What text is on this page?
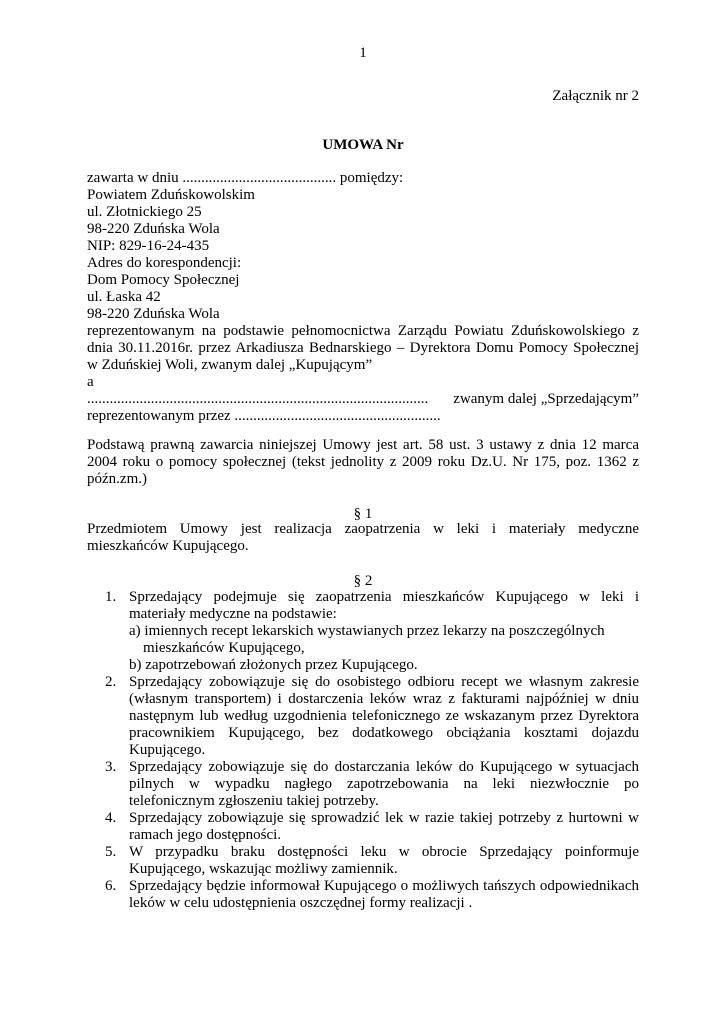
1
Załącznik nr 2
UMOWA Nr
zawarta w dniu ......................................... pomiędzy:
Powiatem Zduńskowolskim
ul. Złotnickiego 25
98-220 Zduńska Wola
NIP: 829-16-24-435
Adres do korespondencji:
Dom Pomocy Społecznej
ul. Łaska 42
98-220 Zduńska Wola
reprezentowanym na podstawie pełnomocnictwa Zarządu Powiatu Zduńskowolskiego z dnia 30.11.2016r. przez Arkadiusza Bednarskiego – Dyrektora Domu Pomocy Społecznej w Zduńskiej Woli, zwanym dalej „Kupującym”
a
........................................................................................... zwanym dalej „Sprzedającym”
reprezentowanym przez .......................................................
Podstawą prawną zawarcia niniejszej Umowy jest art. 58 ust. 3 ustawy z dnia 12 marca 2004 roku o pomocy społecznej (tekst jednolity z 2009 roku Dz.U. Nr 175, poz. 1362 z późn.zm.)
§ 1
Przedmiotem Umowy jest realizacja zaopatrzenia w leki i materiały medyczne mieszkańców Kupującego.
§ 2
1. Sprzedający podejmuje się zaopatrzenia mieszkańców Kupującego w leki i materiały medyczne na podstawie:
a) imiennych recept lekarskich wystawianych przez lekarzy na poszczególnych
mieszkańców Kupującego,
b) zapotrzebowań złożonych przez Kupującego.
2. Sprzedający zobowiązuje się do osobistego odbioru recept we własnym zakresie (własnym transportem) i dostarczenia leków wraz z fakturami najpóźniej w dniu następnym lub według uzgodnienia telefonicznego ze wskazanym przez Dyrektora pracownikiem Kupującego, bez dodatkowego obciążania kosztami dojazdu Kupującego.
3. Sprzedający zobowiązuje się do dostarczania leków do Kupującego w sytuacjach pilnych w wypadku nagłego zapotrzebowania na leki niezwłocznie po telefonicznym zgłoszeniu takiej potrzeby.
4. Sprzedający zobowiązuje się sprowadzić lek w razie takiej potrzeby z hurtowni w ramach jego dostępności.
5. W przypadku braku dostępności leku w obrocie Sprzedający poinformuje Kupującego, wskazując możliwy zamiennik.
6. Sprzedający będzie informował Kupującego o możliwych tańszych odpowiednikach leków w celu udostępnienia oszczędnej formy realizacji .
